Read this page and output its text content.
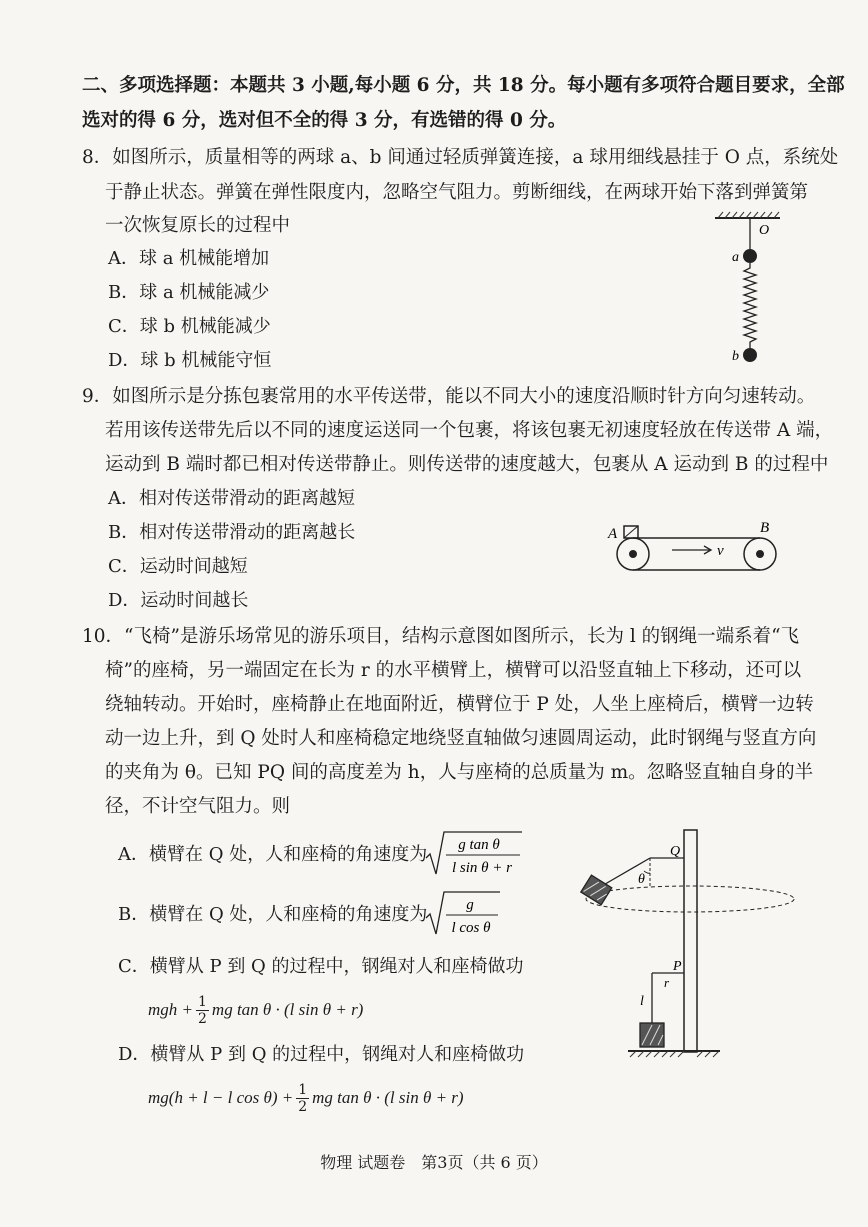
二、多项选择题：本题共 3 小题,每小题 6 分，共 18 分。每小题有多项符合题目要求，全部
选对的得 6 分，选对但不全的得 3 分，有选错的得 0 分。
8．如图所示，质量相等的两球 a、b 间通过轻质弹簧连接，a 球用细线悬挂于 O 点，系统处
于静止状态。弹簧在弹性限度内，忽略空气阻力。剪断细线，在两球开始下落到弹簧第
一次恢复原长的过程中
A．球 a 机械能增加
B．球 a 机械能减少
C．球 b 机械能减少
D．球 b 机械能守恒
O
a
b
9．如图所示是分拣包裹常用的水平传送带，能以不同大小的速度沿顺时针方向匀速转动。
若用该传送带先后以不同的速度运送同一个包裹，将该包裹无初速度轻放在传送带 A 端，
运动到 B 端时都已相对传送带静止。则传送带的速度越大，包裹从 A 运动到 B 的过程中
A．相对传送带滑动的距离越短
B．相对传送带滑动的距离越长
C．运动时间越短
D．运动时间越长
A	B
v
10．“飞椅”是游乐场常见的游乐项目，结构示意图如图所示，长为 l 的钢绳一端系着“飞
椅”的座椅，另一端固定在长为 r 的水平横臂上，横臂可以沿竖直轴上下移动，还可以
绕轴转动。开始时，座椅静止在地面附近，横臂位于 P 处，人坐上座椅后，横臂一边转
动一边上升，到 Q 处时人和座椅稳定地绕竖直轴做匀速圆周运动，此时钢绳与竖直方向
的夹角为 θ。已知 PQ 间的高度差为 h，人与座椅的总质量为 m。忽略竖直轴自身的半
径，不计空气阻力。则
A．横臂在 Q 处，人和座椅的角速度为 g tan θ
l sin θ + r
B．横臂在 Q 处，人和座椅的角速度为	g
l cos θ
C．横臂从 P 到 Q 的过程中，钢绳对人和座椅做功
mgh + $\frac{1}{2}$ mg tan θ · (l sin θ + r)
D．横臂从 P 到 Q 的过程中，钢绳对人和座椅做功
mg(h + l − l $\cos \theta) + \frac{1}{2}$ mg tan θ · (l sin θ + r)
Q
θ
P
r
l
物理 试题卷　第3页（共 6 页）
